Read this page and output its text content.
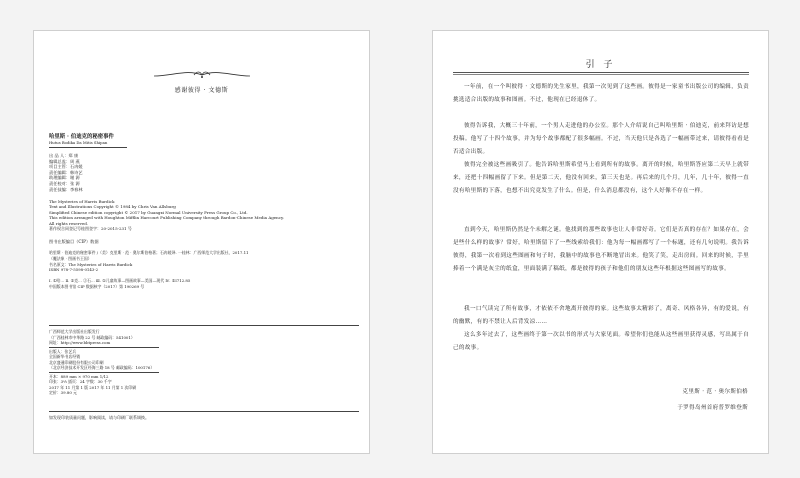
感谢彼得 · 文德斯
哈里斯 · 伯迪克的秘密事件
Hutus Bodika Da Mitis Shipan
出 品 人：郑 康
编辑总监：周 燕
项目主管：石冉媛
责任编辑：韩诗艺
助理编辑：谢 源
责任校对：张 源
责任技编：李春林
The Mysteries of Harris Burdick
Text and Illustrations Copyright © 1984 by Chris Van Allsburg
Simplified Chinese edition copyright © 2017 by Guangxi Normal University Press Group Co., Ltd.
This edition arranged with Houghton Mifflin Harcourt Publishing Company through Bardon-Chinese Media Agency.
All rights reserved.
著作权合同登记号桂图登字：20-2015-231 号
图书在版编目（CIP）数据
哈里斯 · 伯迪克的秘密事件 /（美）克里斯 · 范 · 奥尔斯伯格著；石冉媛译. 一桂林：广西师范大学出版社，2017.11
（魔法象 · 图画书王国）
书名原文：The Mysteries of Harris Burdick
ISBN 978-7-5598-0143-2
Ⅰ. ①哈… Ⅱ. ①克… ②石… Ⅲ. ①儿童故事—图画故事—美国—现代 Ⅳ. ①I712.85
中国版本图书馆 CIP 数据核字（2017）第 190269 号
广西师范大学出版社出版发行
（广西桂林市中华路 22 号 邮政编码：541001）
网址：http://www.bbtpress.com
出版人：张艺兵
全国新华书店经销
北京盛通印刷股份有限公司印刷
（北京经济技术开发区经海三路 18 号 邮政编码：100176）
开本：889 mm × 970 mm 1/12
印张：3⅓ 插页：24 字数：30 千字
2017 年 11 月第 1 版 2017 年 11 月第 1 次印刷
定价：39.80 元
如发现印装质量问题，影响阅读，请与印刷厂联系调换。
引 子
一年前，在一个叫彼得 · 文德斯的先生家里，我第一次见到了这些画。彼得是一家童书出版公司的编辑，负责挑选适合出版的故事和图画。不过，他现在已经退休了。
彼得告诉我，大概三十年前，一个男人走进他的办公室。那个人介绍说自己叫哈里斯 · 伯迪克，前来拜访是想投稿。他写了十四个故事，并为每个故事都配了很多幅画。不过，当天他只是各选了一幅画带过来，请彼得看看是否适合出版。
彼得完全被这些画吸引了。他告诉哈里斯希望马上看到所有的故事。离开的时候，哈里斯答应第二天早上就带来，还把十四幅画留了下来。但是第二天，他没有回来，第三天也是。再后来的几个月，几年，几十年，彼得一直没有哈里斯的下落，也想不出究竟发生了什么。但是，什么消息都没有，这个人好像不存在一样。
直到今天，哈里斯仍然是个未解之谜。他找到的那些故事也让人非常好奇。它们是否真的存在？如果存在，会是些什么样的故事？常好，哈里斯留下了一些线索给我们：他为每一幅画都写了一个标题，还有几句说明。我告诉彼得，我第一次看到这些图画和句子时，我脑中的故事也不断地冒出来。他笑了笑，走出房间。回来的时候，手里捧着一个满是灰尘的纸盒，里面装满了稿纸，都是彼得的孩子和他们的朋友这些年根据这些图画写的故事。
我一口气读完了所有故事，才依依不舍地离开彼得的家。这些故事太精彩了，离奇、风格各异，有的爱说，有的幽默，有的不禁让人后背发凉……
这么多年过去了，这些画终于第一次以书的形式与大家见面。希望你们也能从这些画里获得灵感，写出属于自己的故事。
克里斯 · 范 · 奥尔斯伯格
于罗得岛州首府普罗维登斯
